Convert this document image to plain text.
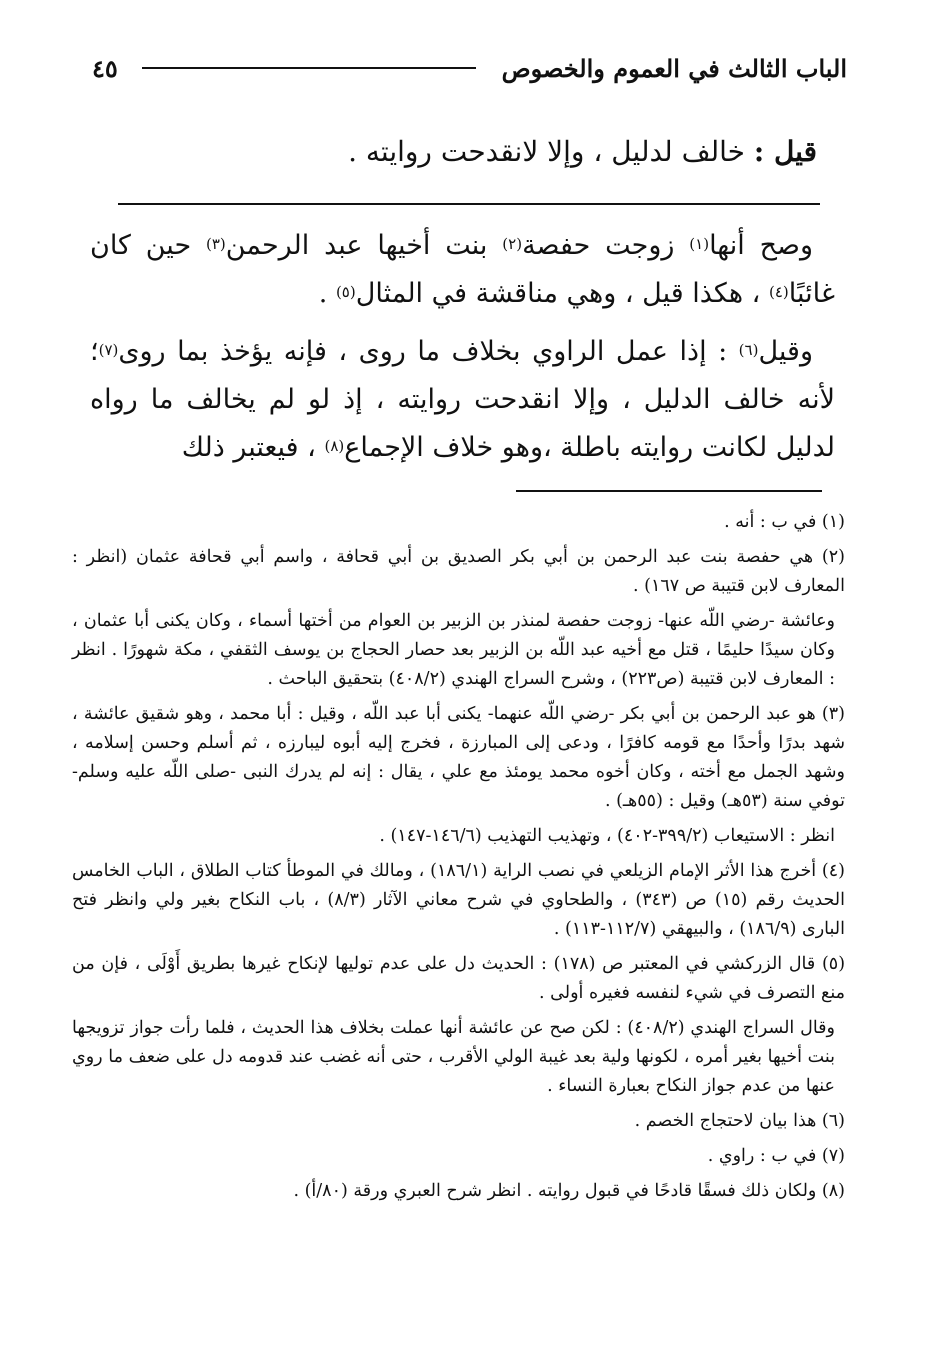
الباب الثالث في العموم والخصوص
٤٥
قيل : خالف لدليل ، وإلا لانقدحت روايته .

وصح أنها$^{(١)}$ زوجت حفصة$^{(٢)}$ بنت أخيها عبد الرحمن$^{(٣)}$ حين كان غائبًا$^{(٤)}$ ، هكذا قيل ، وهي مناقشة في المثال$^{(٥)}$ .

وقيل$^{(٦)}$ : إذا عمل الراوي بخلاف ما روى ، فإنه يؤخذ بما روى$^{(٧)}$؛ لأنه خالف الدليل ، وإلا انقدحت روايته ، إذ لو لم يخالف ما رواه لدليل لكانت روايته باطلة ،وهو خلاف الإجماع$^{(٨)}$ ، فيعتبر ذلك

(١) في ب : أنه .
(٢) هي حفصة بنت عبد الرحمن بن أبي بكر الصديق بن أبي قحافة ، واسم أبي قحافة عثمان (انظر : المعارف لابن قتيبة ص ١٦٧) .
وعائشة -رضي اللّه عنها- زوجت حفصة لمنذر بن الزبير بن العوام من أختها أسماء ، وكان يكنى أبا عثمان ، وكان سيدًا حليمًا ، قتل مع أخيه عبد اللّه بن الزبير بعد حصار الحجاج بن يوسف الثقفي ، مكة شهورًا . انظر : المعارف لابن قتيبة (ص٢٢٣) ، وشرح السراج الهندي (٤٠٨/٢) بتحقيق الباحث .
(٣) هو عبد الرحمن بن أبي بكر -رضي اللّه عنهما- يكنى أبا عبد اللّه ، وقيل : أبا محمد ، وهو شقيق عائشة ، شهد بدرًا وأحدًا مع قومه كافرًا ، ودعى إلى المبارزة ، فخرج إليه أبوه ليبارزه ، ثم أسلم وحسن إسلامه ، وشهد الجمل مع أخته ، وكان أخوه محمد يومئذ مع علي ، يقال : إنه لم يدرك النبى -صلى اللّه عليه وسلم- توفي سنة (٥٣هـ) وقيل : (٥٥هـ) .
انظر : الاستيعاب (٣٩٩/٢-٤٠٢) ، وتهذيب التهذيب (١٤٦/٦-١٤٧) .
(٤) أخرج هذا الأثر الإمام الزيلعي في نصب الراية (١٨٦/١) ، ومالك في الموطأ كتاب الطلاق ، الباب الخامس الحديث رقم (١٥) ص (٣٤٣) ، والطحاوي في شرح معاني الآثار (٨/٣) ، باب النكاح بغير ولي وانظر فتح البارى (١٨٦/٩) ، والبيهقي (١١٢/٧-١١٣) .
(٥) قال الزركشي في المعتبر ص (١٧٨) : الحديث دل على عدم توليها لإنكاح غيرها بطريق أَوْلَى ، فإن من منع التصرف في شيء لنفسه فغيره أولى .
وقال السراج الهندي (٤٠٨/٢) : لكن صح عن عائشة أنها عملت بخلاف هذا الحديث ، فلما رأت جواز تزويجها بنت أخيها بغير أمره ، لكونها ولية بعد غيبة الولي الأقرب ، حتى أنه غضب عند قدومه دل على ضعف ما روي عنها من عدم جواز النكاح بعبارة النساء .
(٦) هذا بيان لاحتجاج الخصم .
(٧) في ب : راوي .
(٨) ولكان ذلك فسقًا قادحًا في قبول روايته . انظر شرح العبري ورقة (٨٠/أ) .
